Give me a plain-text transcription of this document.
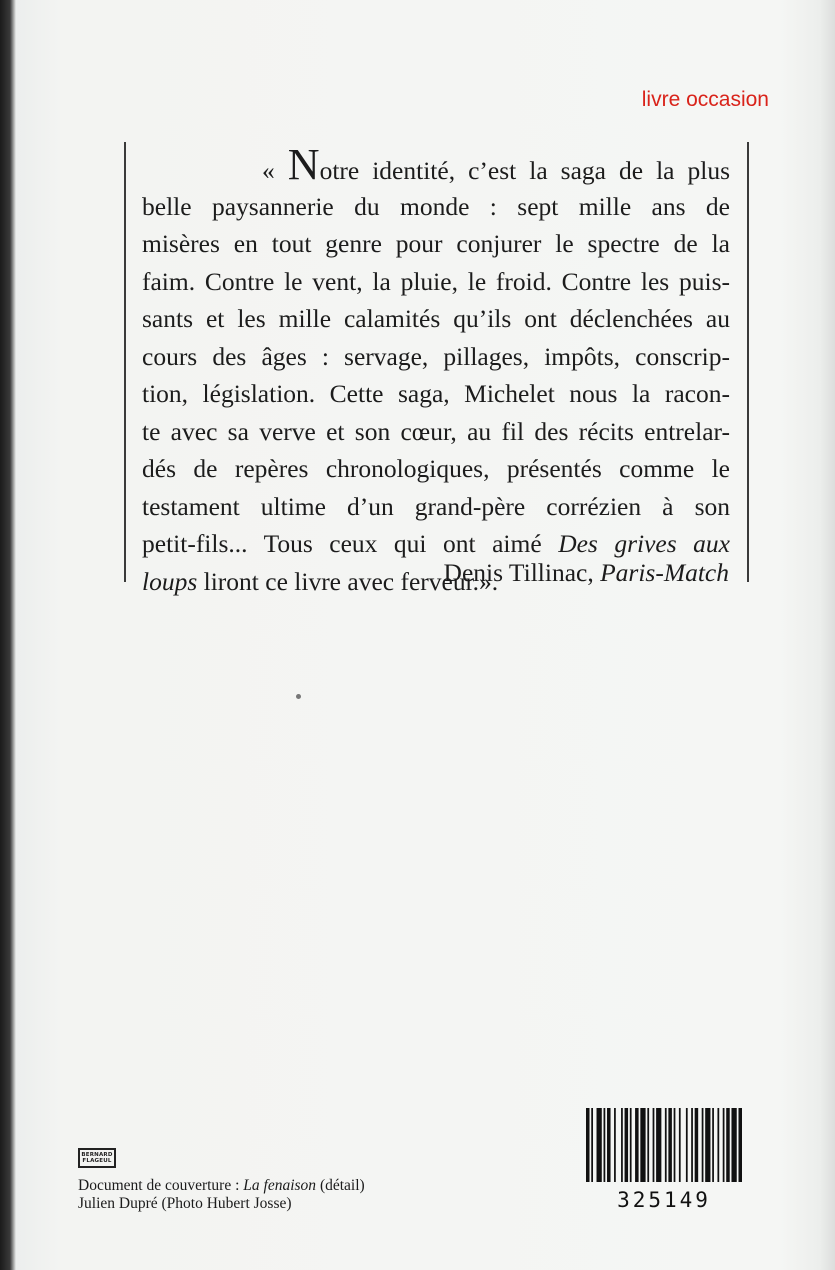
livre occasion
« Notre identité, c’est la saga de la plus
belle paysannerie du monde : sept mille ans de
misères en tout genre pour conjurer le spectre de la
faim. Contre le vent, la pluie, le froid. Contre les puis-
sants et les mille calamités qu’ils ont déclenchées au
cours des âges : servage, pillages, impôts, conscrip-
tion, législation. Cette saga, Michelet nous la racon-
te avec sa verve et son cœur, au fil des récits entrelar-
dés de repères chronologiques, présentés comme le
testament ultime d’un grand-père corrézien à son
petit-fils... Tous ceux qui ont aimé Des grives aux
loups liront ce livre avec ferveur.».
Denis Tillinac, Paris-Match
BERNARD
FLAGEUL
Document de couverture : La fenaison (détail)
Julien Dupré (Photo Hubert Josse)	325149
